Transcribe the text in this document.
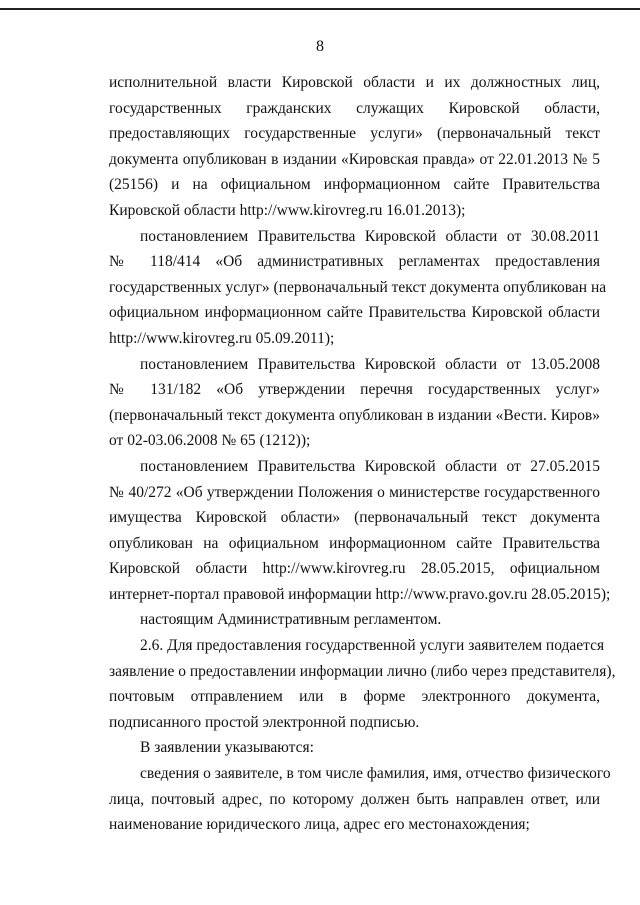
8
исполнительной власти Кировской области и их должностных лиц,
государственных гражданских служащих Кировской области,
предоставляющих государственные услуги» (первоначальный текст
документа опубликован в издании «Кировская правда» от 22.01.2013 № 5
(25156) и на официальном информационном сайте Правительства
Кировской области http://www.kirovreg.ru 16.01.2013);
постановлением Правительства Кировской области от 30.08.2011
№ 118/414 «Об административных регламентах предоставления
государственных услуг» (первоначальный текст документа опубликован на
официальном информационном сайте Правительства Кировской области
http://www.kirovreg.ru 05.09.2011);
постановлением Правительства Кировской области от 13.05.2008
№ 131/182 «Об утверждении перечня государственных услуг»
(первоначальный текст документа опубликован в издании «Вести. Киров»
от 02-03.06.2008 № 65 (1212));
постановлением Правительства Кировской области от 27.05.2015
№ 40/272 «Об утверждении Положения о министерстве государственного
имущества Кировской области» (первоначальный текст документа
опубликован на официальном информационном сайте Правительства
Кировской области http://www.kirovreg.ru 28.05.2015, официальном
интернет-портал правовой информации http://www.pravo.gov.ru 28.05.2015);
настоящим Административным регламентом.
2.6. Для предоставления государственной услуги заявителем подается
заявление о предоставлении информации лично (либо через представителя),
почтовым отправлением или в форме электронного документа,
подписанного простой электронной подписью.
В заявлении указываются:
сведения о заявителе, в том числе фамилия, имя, отчество физического
лица, почтовый адрес, по которому должен быть направлен ответ, или
наименование юридического лица, адрес его местонахождения;
